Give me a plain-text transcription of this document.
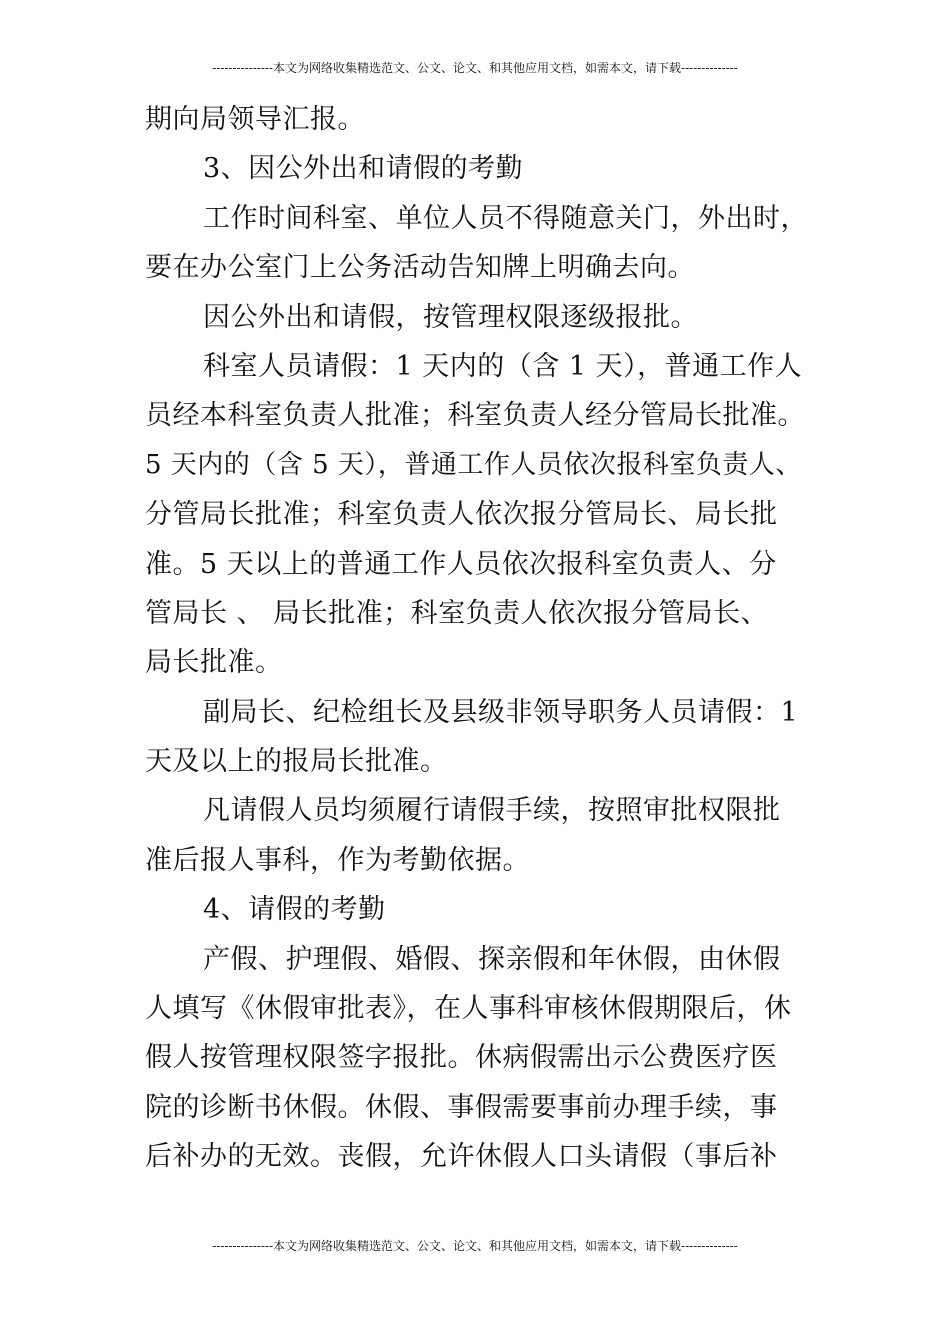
---------------本文为网络收集精选范文、公文、论文、和其他应用文档，如需本文，请下载--------------
期向局领导汇报。
3、因公外出和请假的考勤
工作时间科室、单位人员不得随意关门，外出时，
要在办公室门上公务活动告知牌上明确去向。
因公外出和请假，按管理权限逐级报批。
科室人员请假：1 天内的（含 1 天），普通工作人
员经本科室负责人批准；科室负责人经分管局长批准。
5 天内的（含 5 天），普通工作人员依次报科室负责人、
分管局长批准；科室负责人依次报分管局长、局长批
准。5 天以上的普通工作人员依次报科室负责人、分
管局长 、 局长批准；科室负责人依次报分管局长、
局长批准。
副局长、纪检组长及县级非领导职务人员请假：1
天及以上的报局长批准。
凡请假人员均须履行请假手续，按照审批权限批
准后报人事科，作为考勤依据。
4、请假的考勤
产假、护理假、婚假、探亲假和年休假，由休假
人填写《休假审批表》，在人事科审核休假期限后，休
假人按管理权限签字报批。休病假需出示公费医疗医
院的诊断书休假。休假、事假需要事前办理手续，事
后补办的无效。丧假，允许休假人口头请假（事后补
---------------本文为网络收集精选范文、公文、论文、和其他应用文档，如需本文，请下载--------------
